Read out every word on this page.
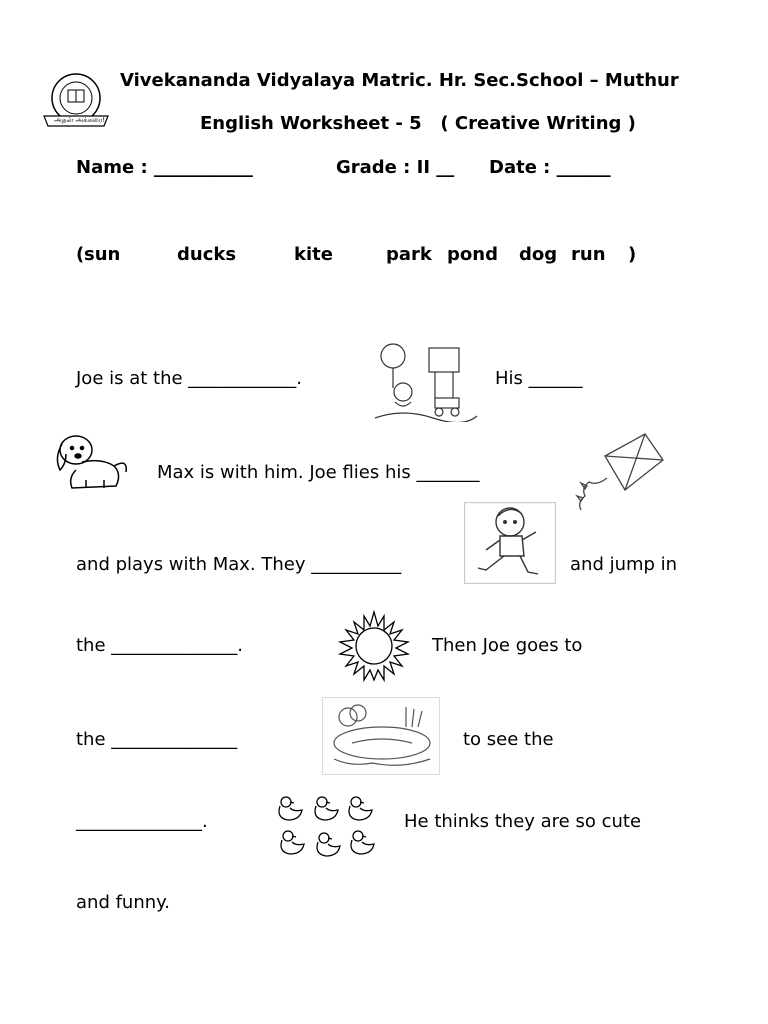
அதன் அக்கரை!
Vivekananda Vidyalaya Matric. Hr. Sec.School – Muthur
English Worksheet - 5   ( Creative Writing )
Name : ___________	Grade : II __ Date : ______
( sun	ducks	kite	park pond dog run )
Joe is at the ____________.	His ______
Max is with him. Joe flies his _______
and plays with Max. They __________	and jump in
the ______________.	Then Joe goes to
the ______________	to see the
______________.	He thinks they are so cute
and funny.
